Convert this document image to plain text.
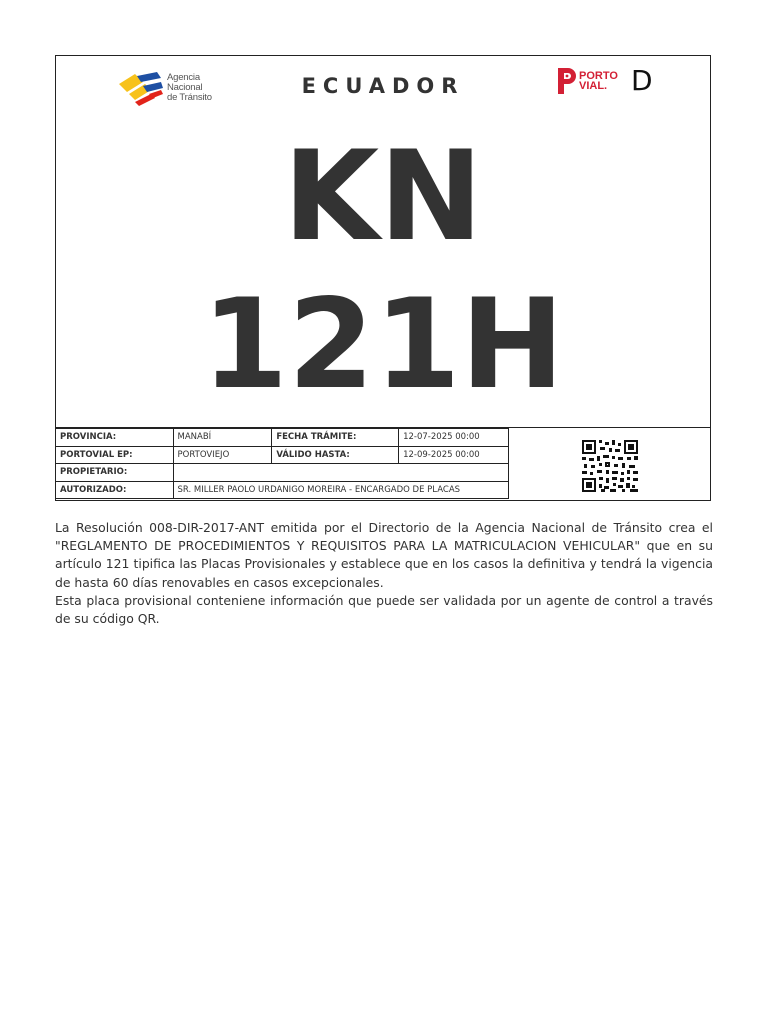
Agencia
Nacional
de Tránsito	ECUADOR	PORTO
VIAL. D
KN
121H
PROVINCIA:	MANABÍ	FECHA TRÁMITE:	12-07-2025 00:00
PORTOVIAL EP:	PORTOVIEJO	VÁLIDO HASTA:	12-09-2025 00:00
PROPIETARIO:			
AUTORIZADO:	SR. MILLER PAOLO URDANIGO MOREIRA - ENCARGADO DE PLACAS		

La Resolución 008-DIR-2017-ANT emitida por el Directorio de la Agencia Nacional de Tránsito crea el "REGLAMENTO DE PROCEDIMIENTOS Y REQUISITOS PARA LA MATRICULACION VEHICULAR" que en su artículo 121 tipifica las Placas Provisionales y establece que en los casos la definitiva y tendrá la vigencia de hasta 60 días renovables en casos excepcionales.

Esta placa provisional conteniene información que puede ser validada por un agente de control a través de su código QR.
